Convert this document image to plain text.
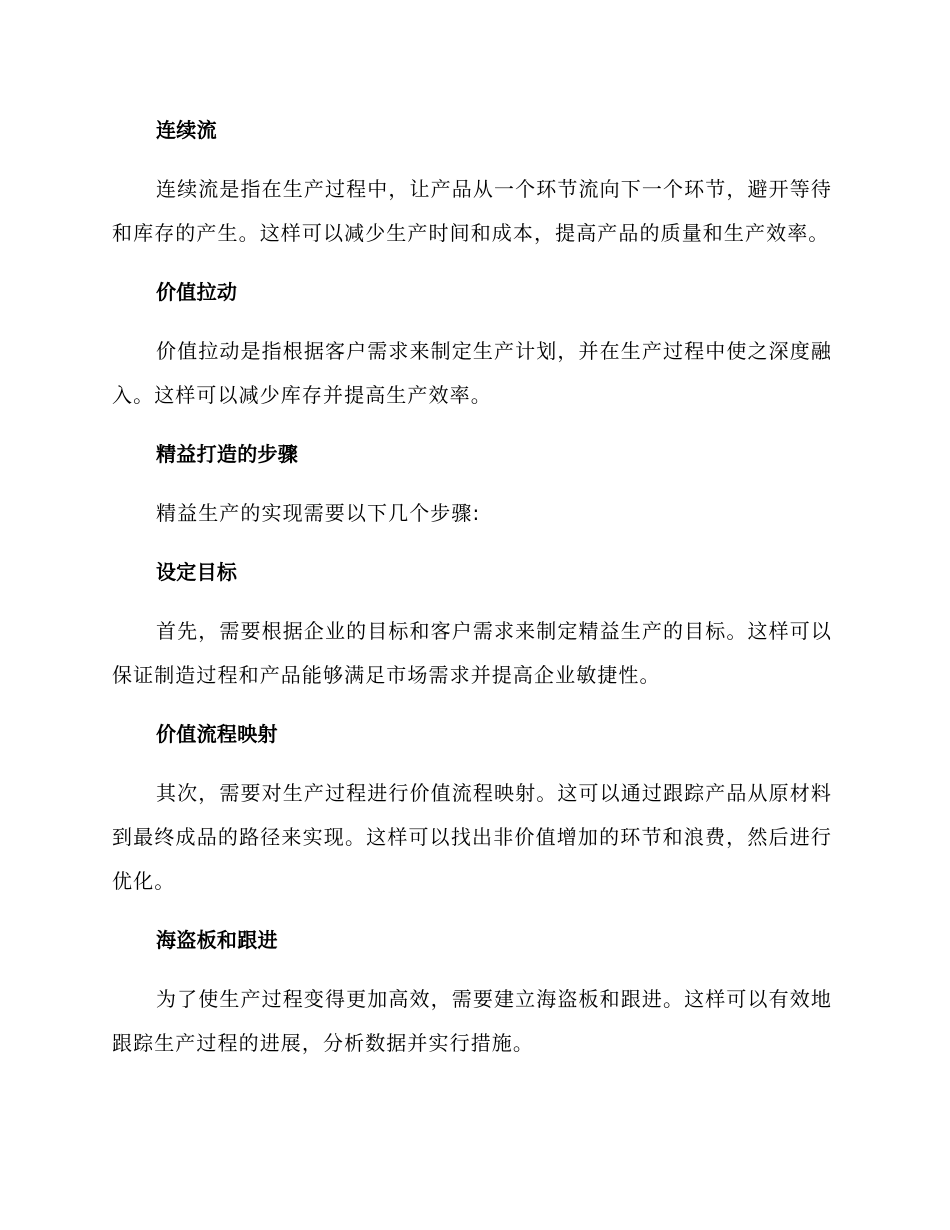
连续流
连续流是指在生产过程中，让产品从一个环节流向下一个环节，避开等待和库存的产生。这样可以减少生产时间和成本，提高产品的质量和生产效率。
价值拉动
价值拉动是指根据客户需求来制定生产计划，并在生产过程中使之深度融入。这样可以减少库存并提高生产效率。
精益打造的步骤
精益生产的实现需要以下几个步骤:
设定目标
首先，需要根据企业的目标和客户需求来制定精益生产的目标。这样可以保证制造过程和产品能够满足市场需求并提高企业敏捷性。
价值流程映射
其次，需要对生产过程进行价值流程映射。这可以通过跟踪产品从原材料到最终成品的路径来实现。这样可以找出非价值增加的环节和浪费，然后进行优化。
海盗板和跟进
为了使生产过程变得更加高效，需要建立海盗板和跟进。这样可以有效地跟踪生产过程的进展，分析数据并实行措施。
